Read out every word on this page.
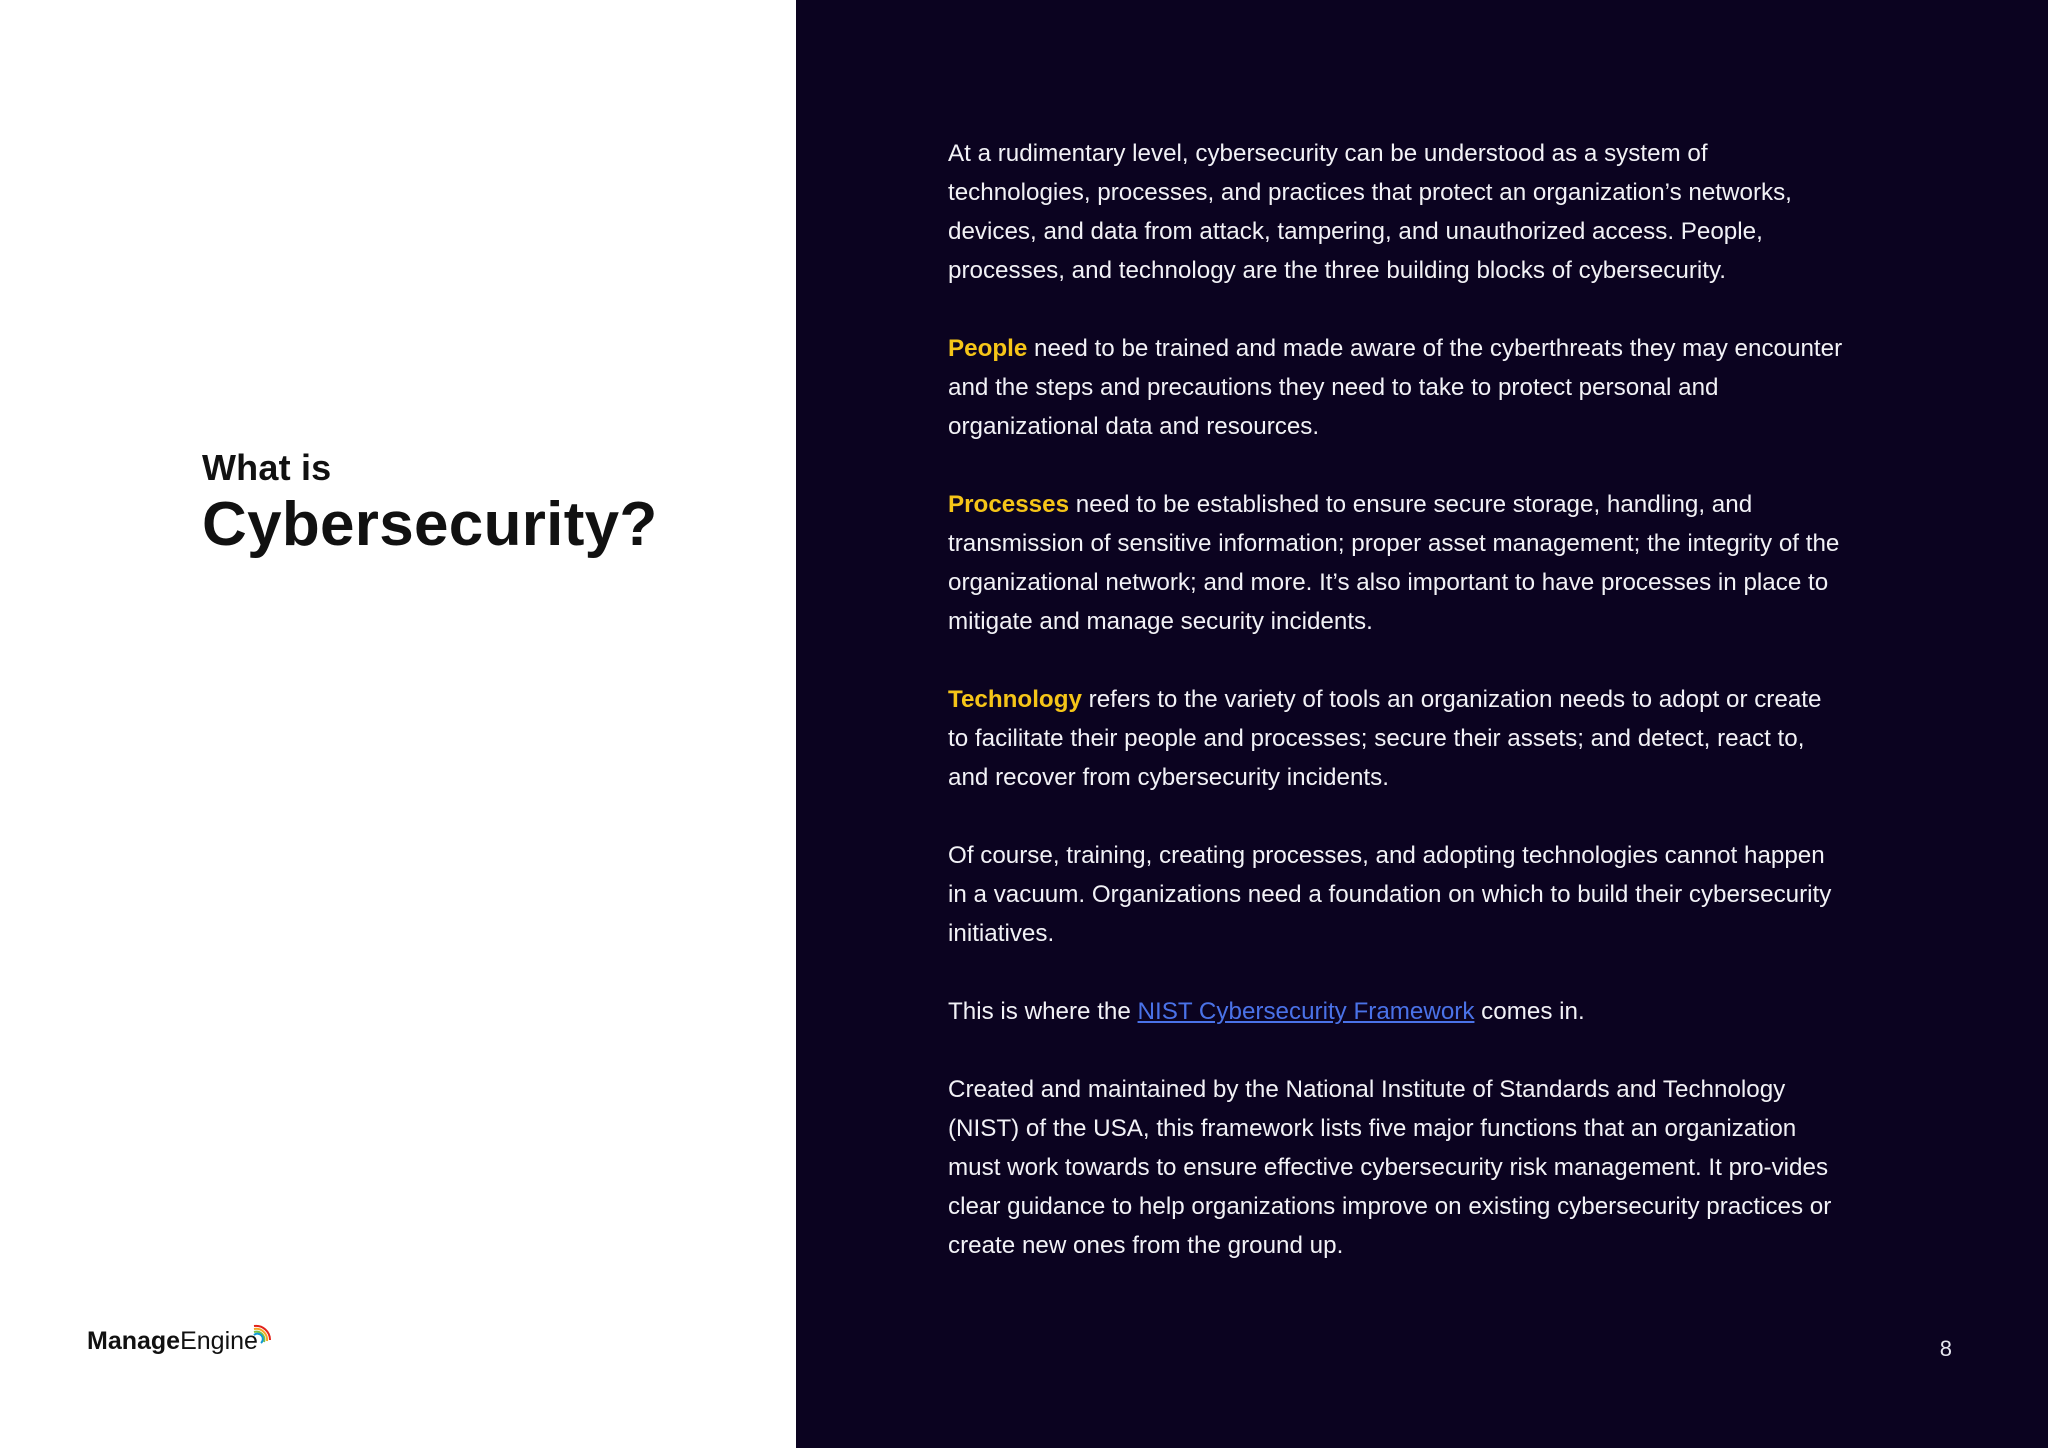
What is
Cybersecurity?
Manage Engine

At a rudimentary level, cybersecurity can be understood as a system of technologies, processes, and practices that protect an organization’s networks, devices, and data from attack, tampering, and unauthorized access. People, processes, and technology are the three building blocks of cybersecurity.

People need to be trained and made aware of the cyberthreats they may encounter and the steps and precautions they need to take to protect personal and organizational data and resources.

Processes need to be established to ensure secure storage, handling, and transmission of sensitive information; proper asset management; the integrity of the organizational network; and more. It’s also important to have processes in place to mitigate and manage security incidents.

Technology refers to the variety of tools an organization needs to adopt or create to facilitate their people and processes; secure their assets; and detect, react to, and recover from cybersecurity incidents.

Of course, training, creating processes, and adopting technologies cannot happen in a vacuum. Organizations need a foundation on which to build their cybersecurity initiatives.

This is where the NIST Cybersecurity Framework comes in.

Created and maintained by the National Institute of Standards and Technology (NIST) of the USA, this framework lists five major functions that an organization must work towards to ensure effective cybersecurity risk management. It pro-vides clear guidance to help organizations improve on existing cybersecurity practices or create new ones from the ground up.

8
